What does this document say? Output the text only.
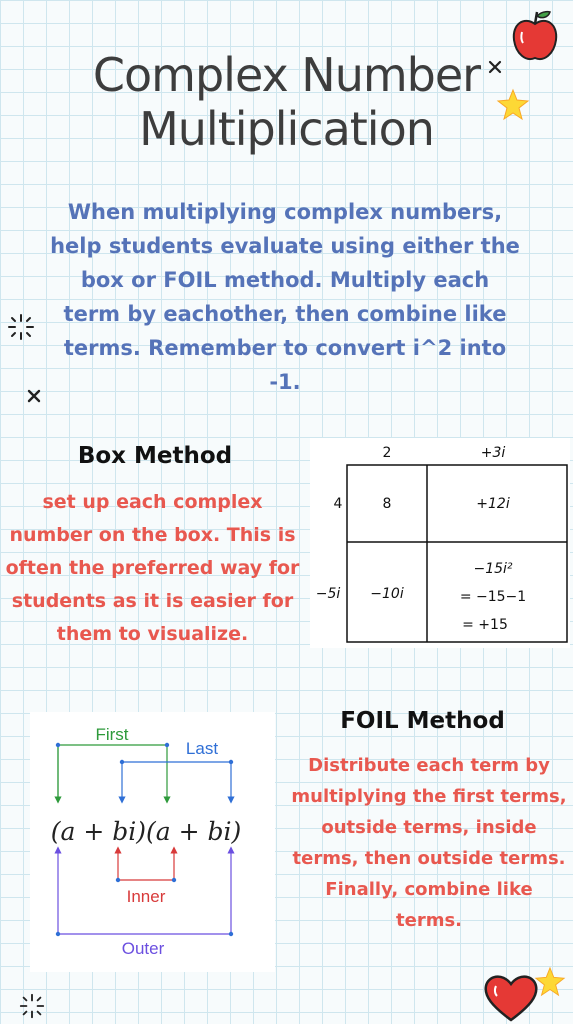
Complex Number
Multiplication
When multiplying complex numbers, help students evaluate using either the box or FOIL method. Multiply each term by eachother, then combine like terms. Remember to convert i^2 into -1.
Box Method
set up each complex number on the box. This is often the preferred way for students as it is easier for them to visualize.
2	+3i
4
−5i
8	+12i
−10i
−15i²
= −15−1
= +15
First
Last
(a + bi)(a + bi)
Inner
Outer
FOIL Method
Distribute each term by multiplying the first terms, outside terms, inside terms, then outside terms. Finally, combine like terms.
